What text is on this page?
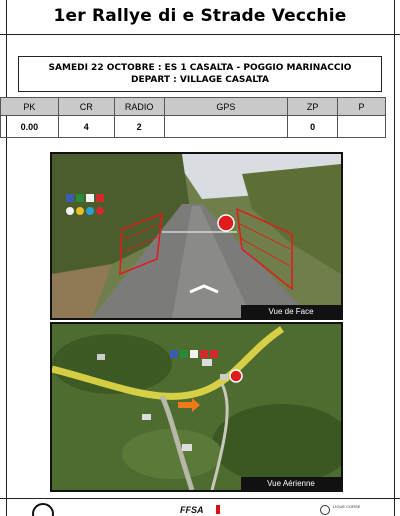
1er Rallye di e Strade Vecchie
SAMEDI 22 OCTOBRE : ES 1 CASALTA - POGGIO MARINACCIO
DEPART : VILLAGE CASALTA
PK	CR	RADIO	GPS	ZP	P
0.00	4	2		0	
Vue de Face
Vue Aérienne
FFSA	LIGUE CORSE
